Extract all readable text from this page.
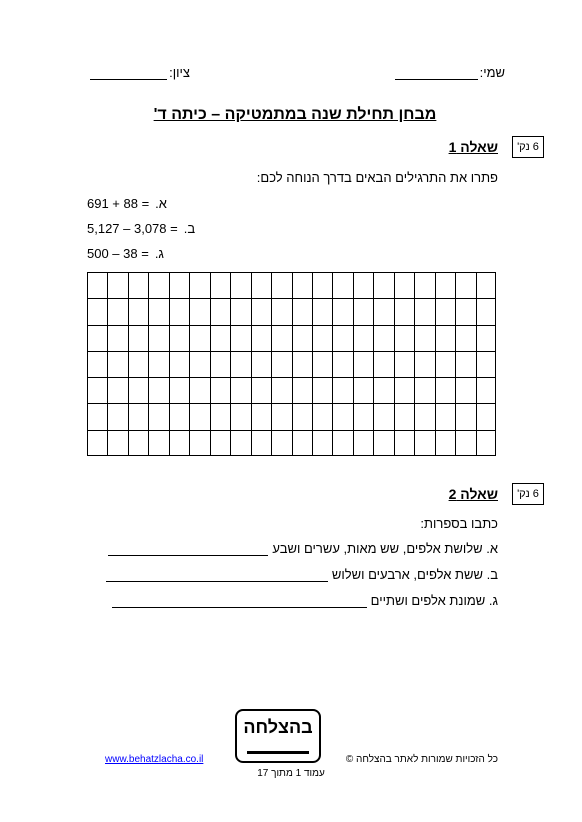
שמי:
ציון:
מבחן תחילת שנה במתמטיקה – כיתה ד'
6 נק'
שאלה 1
פתרו את התרגילים הבאים בדרך הנוחה לכם:
א.
691 + 88 =
ב.
5,127 – 3,078 =
ג.
500 – 38 =
6 נק'
שאלה 2
כתבו בספרות:
א. שלושת אלפים, שש מאות, עשרים ושבע
ב. ששת אלפים, ארבעים ושלוש
ג. שמונת אלפים ושתיים
בהצלחה
כל הזכויות שמורות לאתר בהצלחה ©
www.behatzlacha.co.il
עמוד 1 מתוך 17
